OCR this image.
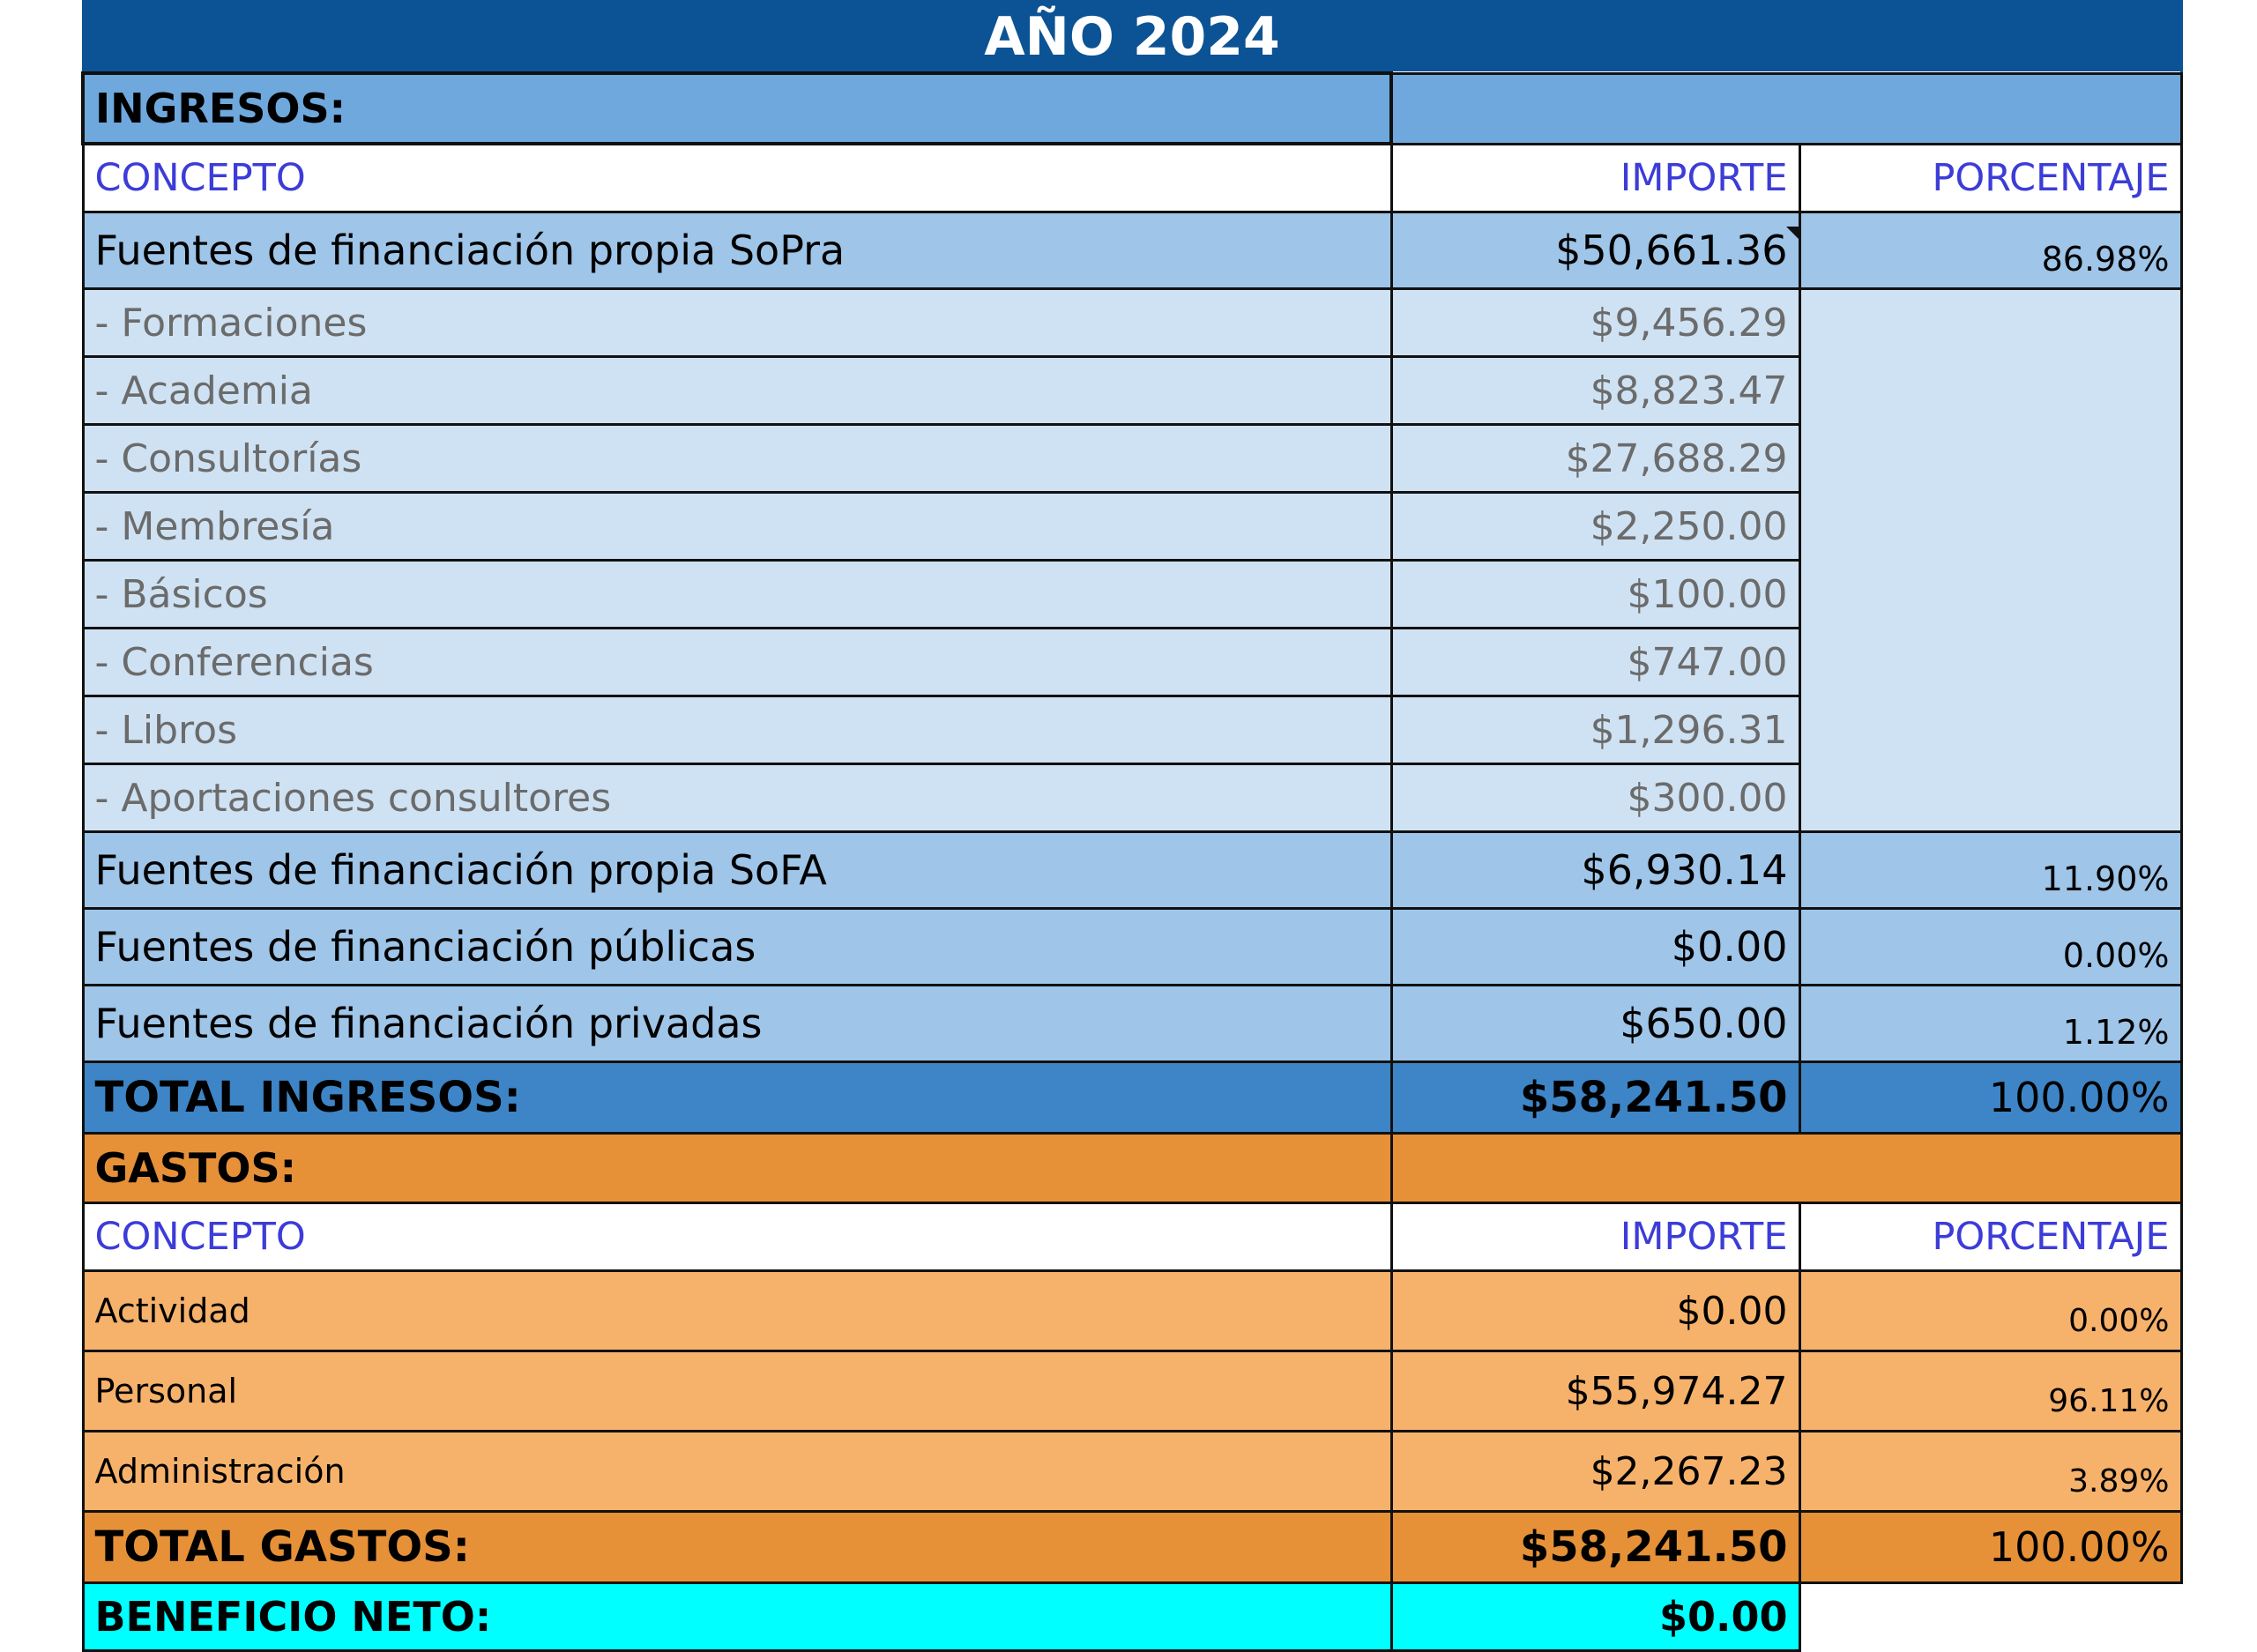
AÑO 2024		
INGRESOS:		
CONCEPTO	IMPORTE	PORCENTAJE
Fuentes de financiación propia SoPra	$50,661.36	86.98%
- Formaciones	$9,456.29	
- Academia	$8,823.47	
- Consultorías	$27,688.29	
- Membresía	$2,250.00	
- Básicos	$100.00	
- Conferencias	$747.00	
- Libros	$1,296.31	
- Aportaciones consultores	$300.00	
Fuentes de financiación propia SoFA	$6,930.14	11.90%
Fuentes de financiación públicas	$0.00	0.00%
Fuentes de financiación privadas	$650.00	1.12%
TOTAL INGRESOS:	$58,241.50	100.00%
GASTOS:		
CONCEPTO	IMPORTE	PORCENTAJE
Actividad	$0.00	0.00%
Personal	$55,974.27	96.11%
Administración	$2,267.23	3.89%
TOTAL GASTOS:	$58,241.50	100.00%
BENEFICIO NETO:	$0.00	
